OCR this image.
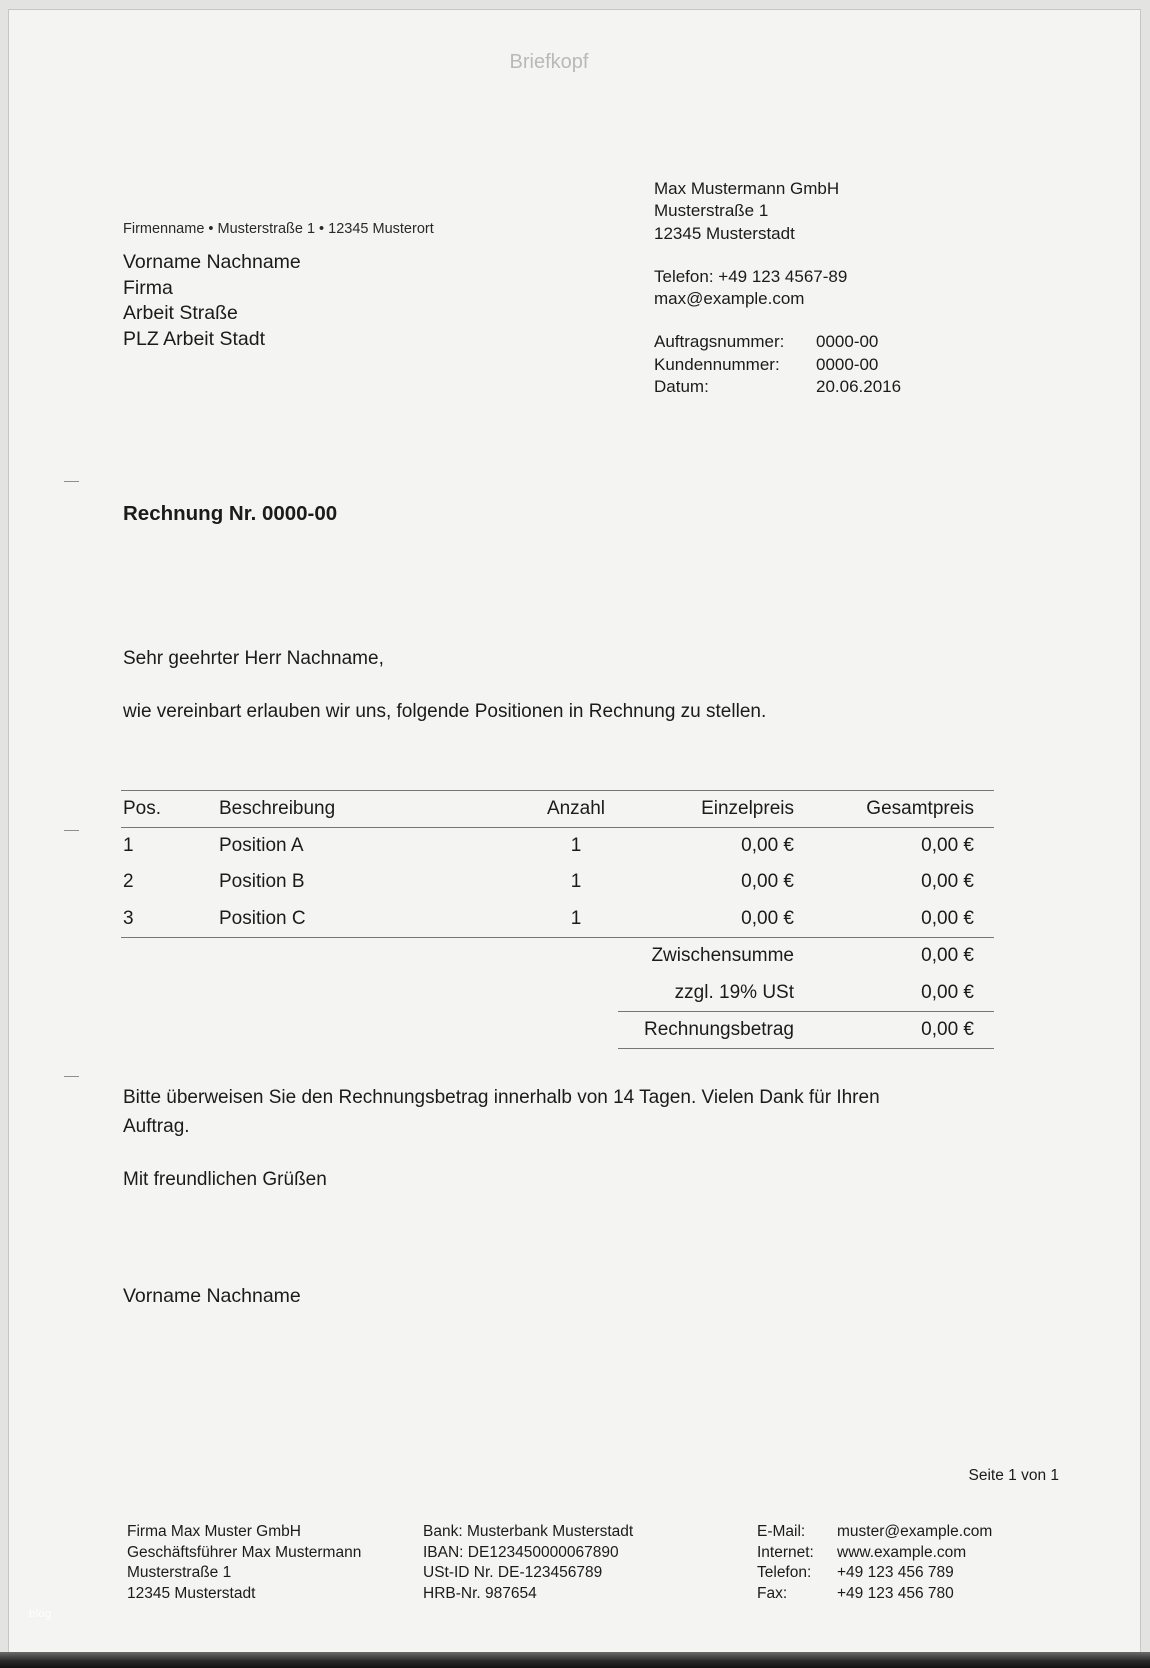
Briefkopf
Max Mustermann GmbH
Musterstraße 1
12345 Musterstadt
Telefon: +49 123 4567-89
max@example.com
Auftragsnummer:	0000-00
Kundennummer:	0000-00
Datum:	20.06.2016
Firmenname • Musterstraße 1 • 12345 Musterort
Vorname Nachname
Firma
Arbeit Straße
PLZ Arbeit Stadt
Rechnung Nr. 0000-00
Sehr geehrter Herr Nachname,
wie vereinbart erlauben wir uns, folgende Positionen in Rechnung zu stellen.
Pos.	Beschreibung	Anzahl	Einzelpreis	Gesamtpreis
1	Position A	1	0,00 €	0,00 €
2	Position B	1	0,00 €	0,00 €
3	Position C	1	0,00 €	0,00 €
Zwischensumme	0,00 €
zzgl. 19% USt	0,00 €
Rechnungsbetrag	0,00 €
Bitte überweisen Sie den Rechnungsbetrag innerhalb von 14 Tagen. Vielen Dank für Ihren
Auftrag.
Mit freundlichen Grüßen
Vorname Nachname
Seite 1 von 1
Firma Max Muster GmbH
Geschäftsführer Max Mustermann
Musterstraße 1
12345 Musterstadt
Bank: Musterbank Musterstadt
IBAN: DE123450000067890
USt-ID Nr. DE-123456789
HRB-Nr. 987654
E-Mail:	muster@example.com
Internet:	www.example.com
Telefon:	+49 123 456 789
Fax:	+49 123 456 780
blog
